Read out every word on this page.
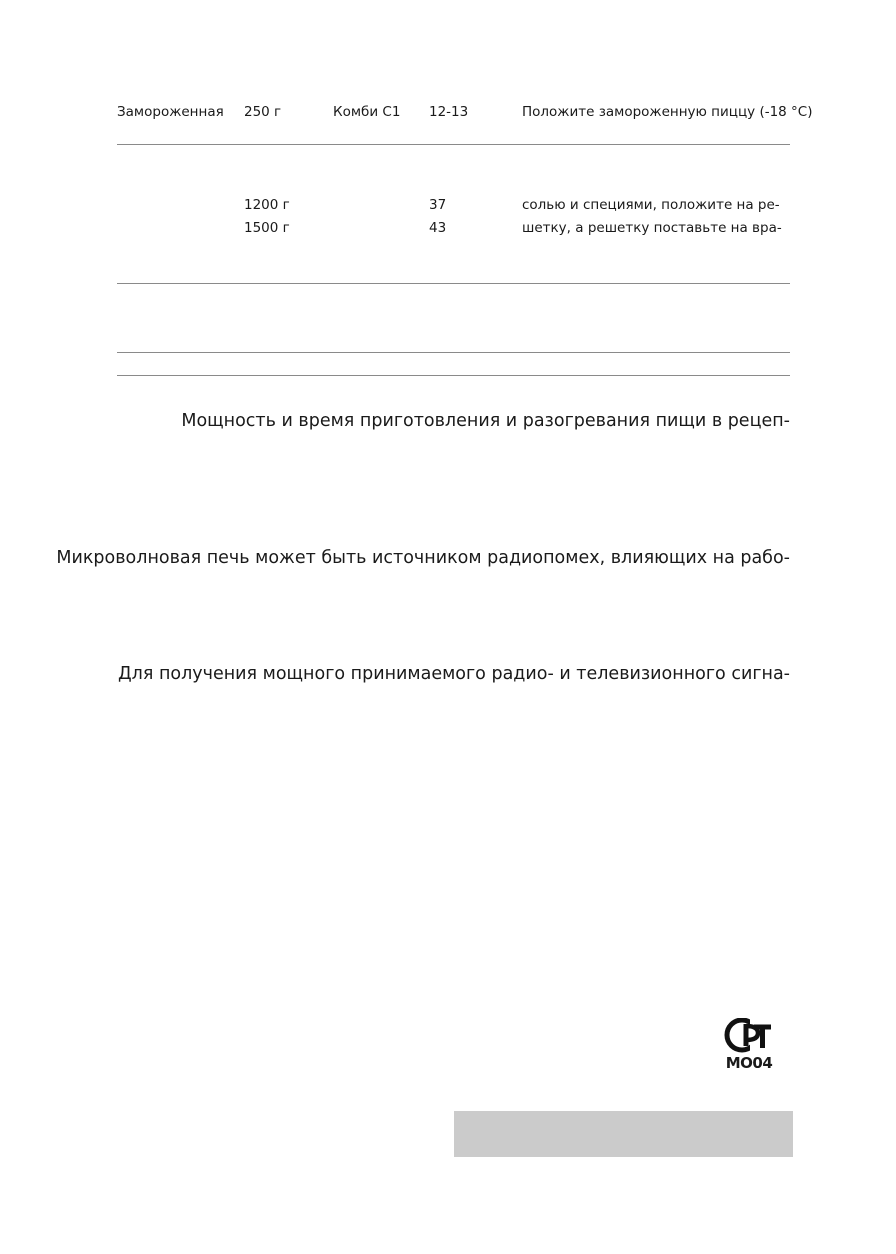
Замороженная 250 г	Комби С1 12-13	Положите замороженную пиццу (-18 °С)
1200 г
1500 г
37
43
солью и специями, положите на ре-
шетку, а решетку поставьте на вра-
Мощность и время приготовления и разогревания пищи в рецеп-
Микроволновая печь может быть источником радиопомех, влияющих на рабо-
Для получения мощного принимаемого радио- и телевизионного сигна-
МО04
